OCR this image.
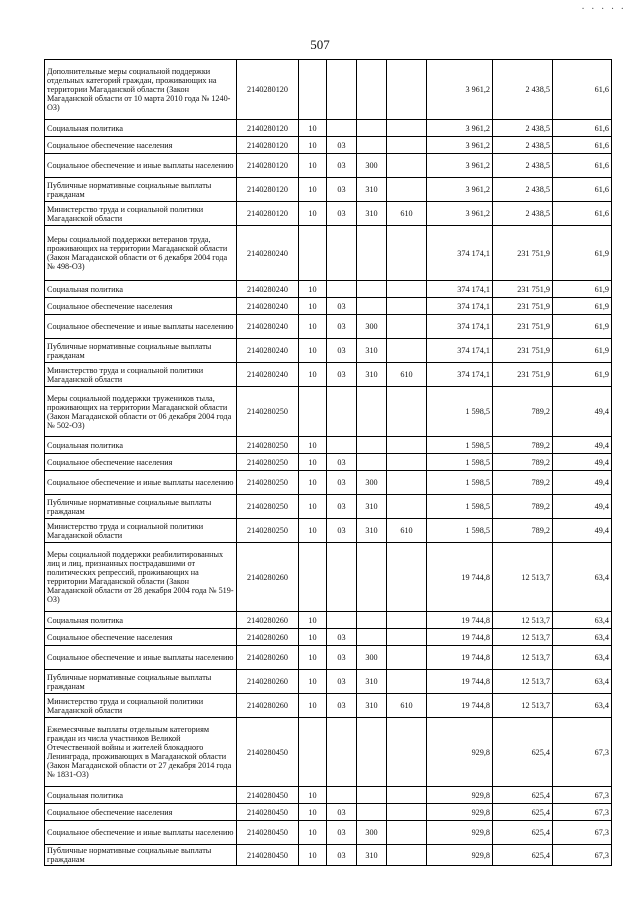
· · · · ·
507
Дополнительные меры социальной поддержки отдельных категорий граждан, проживающих на территории Магаданской области (Закон Магаданской области от 10 марта 2010 года № 1240-ОЗ)	2140280120					3 961,2	2 438,5	61,6
Социальная политика	2140280120	10				3 961,2	2 438,5	61,6
Социальное обеспечение населения	2140280120	10	03			3 961,2	2 438,5	61,6
Социальное обеспечение и иные выплаты населению	2140280120	10	03	300		3 961,2	2 438,5	61,6
Публичные нормативные социальные выплаты гражданам	2140280120	10	03	310		3 961,2	2 438,5	61,6
Министерство труда и социальной политики Магаданской области	2140280120	10	03	310	610	3 961,2	2 438,5	61,6
Меры социальной поддержки ветеранов труда, проживающих на территории Магаданской области (Закон Магаданской области от 6 декабря 2004 года № 498-ОЗ)	2140280240					374 174,1	231 751,9	61,9
Социальная политика	2140280240	10				374 174,1	231 751,9	61,9
Социальное обеспечение населения	2140280240	10	03			374 174,1	231 751,9	61,9
Социальное обеспечение и иные выплаты населению	2140280240	10	03	300		374 174,1	231 751,9	61,9
Публичные нормативные социальные выплаты гражданам	2140280240	10	03	310		374 174,1	231 751,9	61,9
Министерство труда и социальной политики Магаданской области	2140280240	10	03	310	610	374 174,1	231 751,9	61,9
Меры социальной поддержки тружеников тыла, проживающих на территории Магаданской области (Закон Магаданской области от 06 декабря 2004 года № 502-ОЗ)	2140280250					1 598,5	789,2	49,4
Социальная политика	2140280250	10				1 598,5	789,2	49,4
Социальное обеспечение населения	2140280250	10	03			1 598,5	789,2	49,4
Социальное обеспечение и иные выплаты населению	2140280250	10	03	300		1 598,5	789,2	49,4
Публичные нормативные социальные выплаты гражданам	2140280250	10	03	310		1 598,5	789,2	49,4
Министерство труда и социальной политики Магаданской области	2140280250	10	03	310	610	1 598,5	789,2	49,4
Меры социальной поддержки реабилитированных лиц и лиц, признанных пострадавшими от политических репрессий, проживающих на территории Магаданской области (Закон Магаданской области от 28 декабря 2004 года № 519-ОЗ)	2140280260					19 744,8	12 513,7	63,4
Социальная политика	2140280260	10				19 744,8	12 513,7	63,4
Социальное обеспечение населения	2140280260	10	03			19 744,8	12 513,7	63,4
Социальное обеспечение и иные выплаты населению	2140280260	10	03	300		19 744,8	12 513,7	63,4
Публичные нормативные социальные выплаты гражданам	2140280260	10	03	310		19 744,8	12 513,7	63,4
Министерство труда и социальной политики Магаданской области	2140280260	10	03	310	610	19 744,8	12 513,7	63,4
Ежемесячные выплаты отдельным категориям граждан из числа участников Великой Отечественной войны и жителей блокадного Ленинграда, проживающих в Магаданской области (Закон Магаданской области от 27 декабря 2014 года № 1831-ОЗ)	2140280450					929,8	625,4	67,3
Социальная политика	2140280450	10				929,8	625,4	67,3
Социальное обеспечение населения	2140280450	10	03			929,8	625,4	67,3
Социальное обеспечение и иные выплаты населению	2140280450	10	03	300		929,8	625,4	67,3
Публичные нормативные социальные выплаты гражданам	2140280450	10	03	310		929,8	625,4	67,3
